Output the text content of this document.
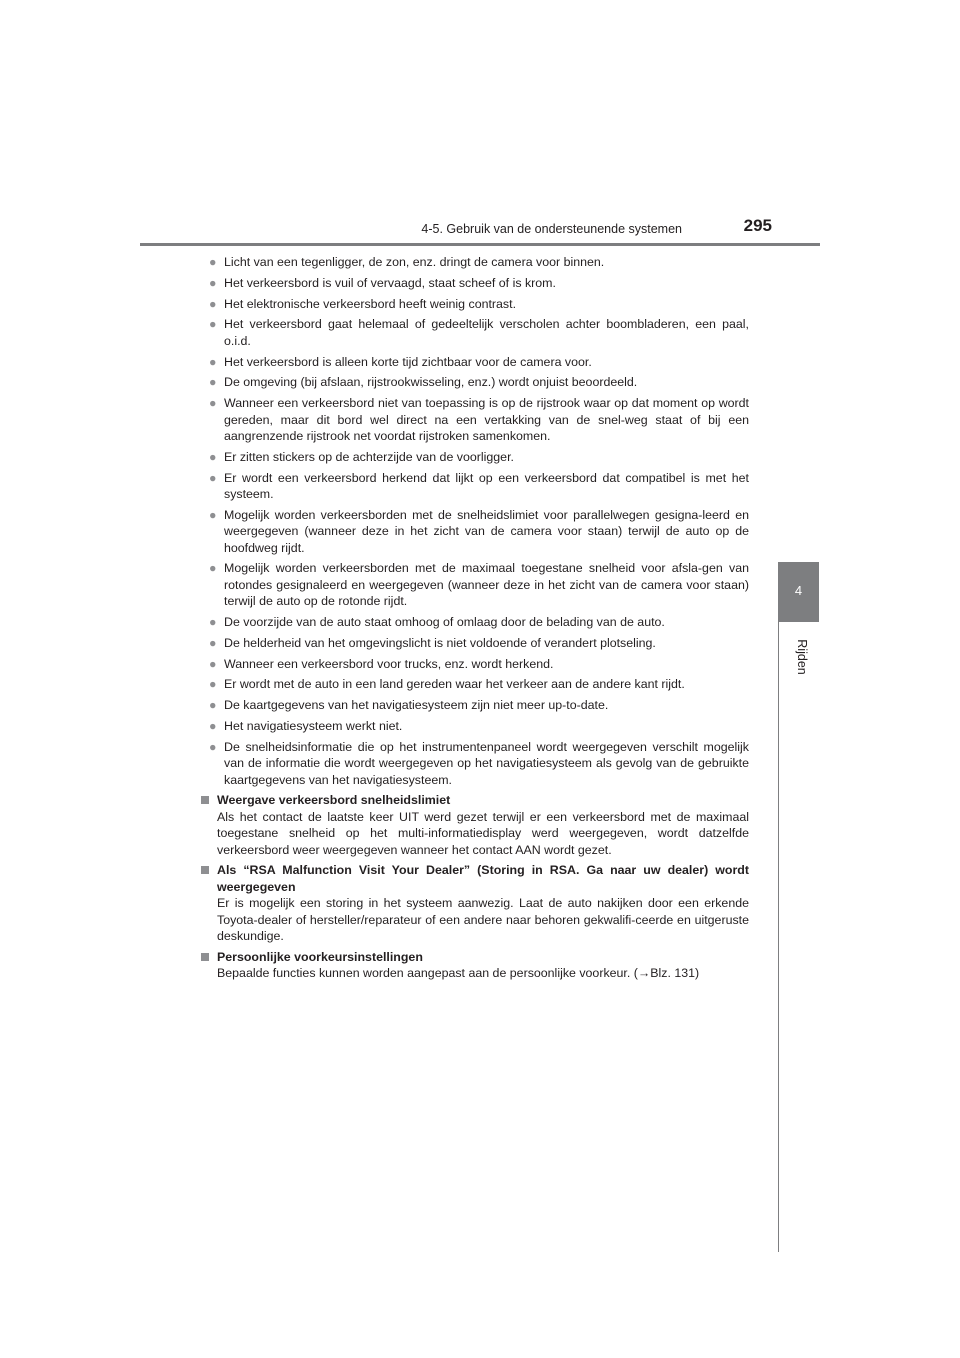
4-5. Gebruik van de ondersteunende systemen	295
4
Rijden
● Licht van een tegenligger, de zon, enz. dringt de camera voor binnen.
● Het verkeersbord is vuil of vervaagd, staat scheef of is krom.
● Het elektronische verkeersbord heeft weinig contrast.
● Het verkeersbord gaat helemaal of gedeeltelijk verscholen achter boombladeren, een paal, o.i.d.
● Het verkeersbord is alleen korte tijd zichtbaar voor de camera voor.
● De omgeving (bij afslaan, rijstrookwisseling, enz.) wordt onjuist beoordeeld.
● Wanneer een verkeersbord niet van toepassing is op de rijstrook waar op dat moment op wordt gereden, maar dit bord wel direct na een vertakking van de snel-weg staat of bij een aangrenzende rijstrook net voordat rijstroken samenkomen.
● Er zitten stickers op de achterzijde van de voorligger.
● Er wordt een verkeersbord herkend dat lijkt op een verkeersbord dat compatibel is met het systeem.
● Mogelijk worden verkeersborden met de snelheidslimiet voor parallelwegen gesigna-leerd en weergegeven (wanneer deze in het zicht van de camera voor staan) terwijl de auto op de hoofdweg rijdt.
● Mogelijk worden verkeersborden met de maximaal toegestane snelheid voor afsla-gen van rotondes gesignaleerd en weergegeven (wanneer deze in het zicht van de camera voor staan) terwijl de auto op de rotonde rijdt.
● De voorzijde van de auto staat omhoog of omlaag door de belading van de auto.
● De helderheid van het omgevingslicht is niet voldoende of verandert plotseling.
● Wanneer een verkeersbord voor trucks, enz. wordt herkend.
● Er wordt met de auto in een land gereden waar het verkeer aan de andere kant rijdt.
● De kaartgegevens van het navigatiesysteem zijn niet meer up-to-date.
● Het navigatiesysteem werkt niet.
● De snelheidsinformatie die op het instrumentenpaneel wordt weergegeven verschilt mogelijk van de informatie die wordt weergegeven op het navigatiesysteem als gevolg van de gebruikte kaartgegevens van het navigatiesysteem.
Weergave verkeersbord snelheidslimiet
Als het contact de laatste keer UIT werd gezet terwijl er een verkeersbord met de maximaal toegestane snelheid op het multi-informatiedisplay werd weergegeven, wordt datzelfde verkeersbord weer weergegeven wanneer het contact AAN wordt gezet.
Als “RSA Malfunction Visit Your Dealer” (Storing in RSA. Ga naar uw dealer) wordt weergegeven
Er is mogelijk een storing in het systeem aanwezig. Laat de auto nakijken door een erkende Toyota-dealer of hersteller/reparateur of een andere naar behoren gekwalifi-ceerde en uitgeruste deskundige.
Persoonlijke voorkeursinstellingen
Bepaalde functies kunnen worden aangepast aan de persoonlijke voorkeur. (→Blz. 131)
